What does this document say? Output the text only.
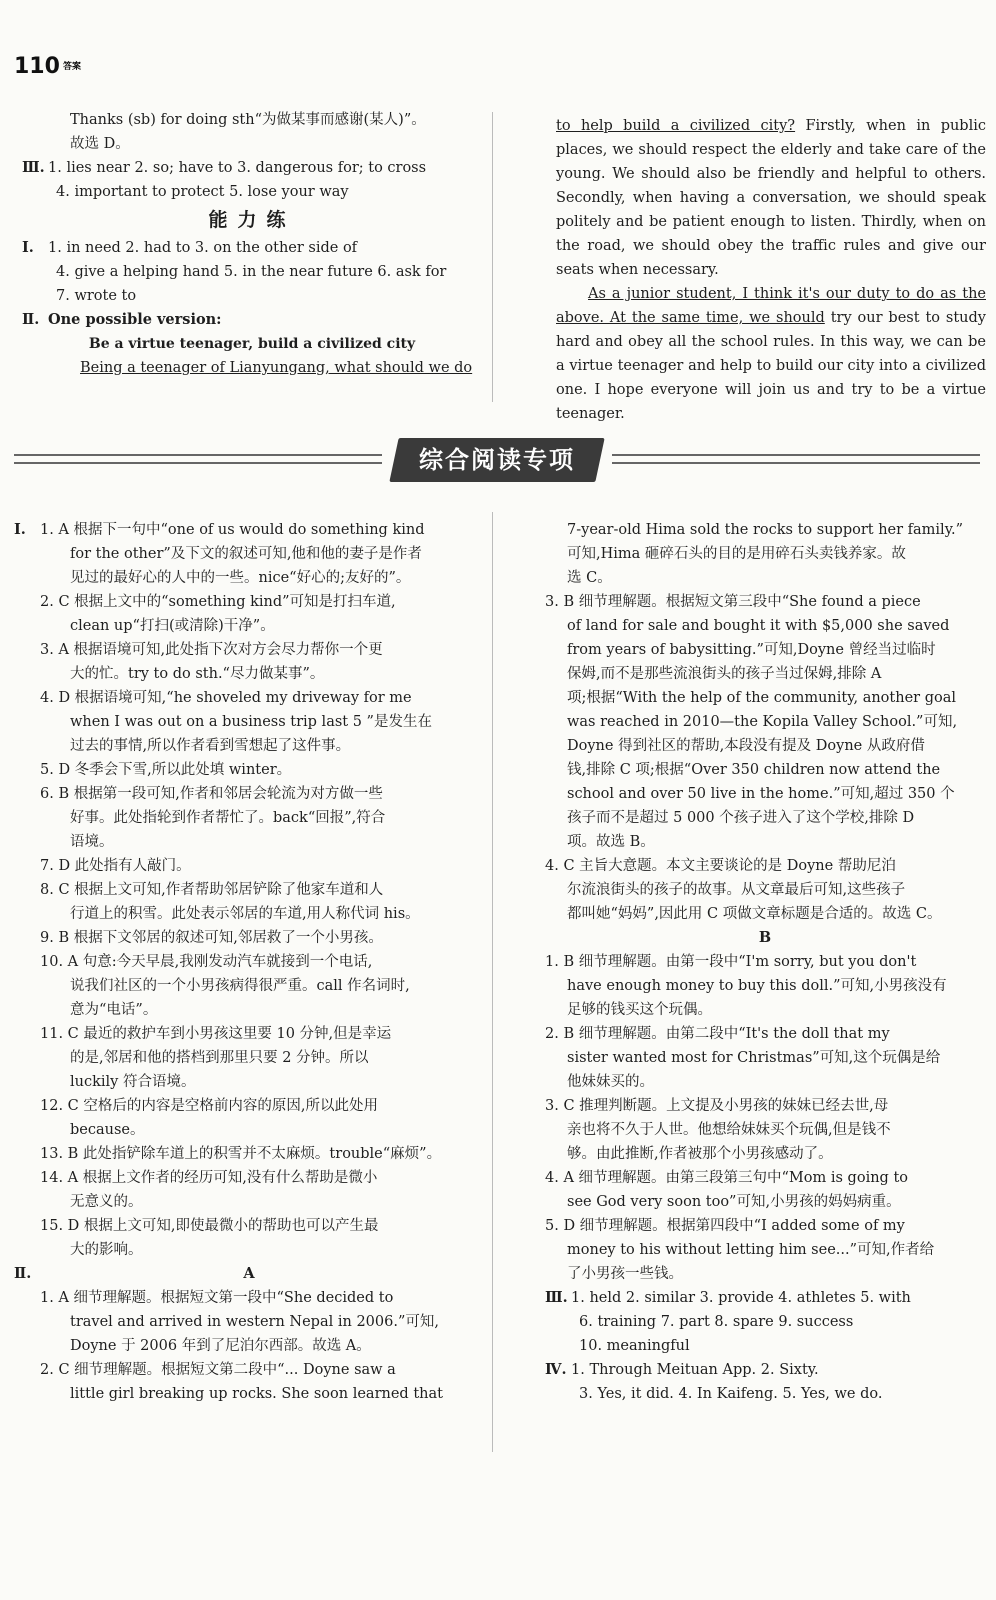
110 $^{答案}$
Thanks (sb) for doing sth“为做某事而感谢(某人)”。
故选 D。
Ⅲ. 1. lies near 2. so; have to 3. dangerous for; to cross
4. important to protect 5. lose your way
能力练
Ⅰ. 1. in need 2. had to 3. on the other side of
4. give a helping hand 5. in the near future 6. ask for
7. wrote to
Ⅱ. One possible version:
Be a virtue teenager, build a civilized city
Being a teenager of Lianyungang, what should we do

to help build a civilized city? Firstly, when in public places, we should respect the elderly and take care of the young. We should also be friendly and helpful to others. Secondly, when having a conversation, we should speak politely and be patient enough to listen. Thirdly, when on the road, we should obey the traffic rules and give our seats when necessary.

As a junior student, I think it's our duty to do as the above. At the same time, we should try our best to study hard and obey all the school rules. In this way, we can be a virtue teenager and help to build our city into a civilized one. I hope everyone will join us and try to be a virtue teenager.

综合阅读专项
Ⅰ. 1. A 根据下一句中“one of us would do something kind
for the other”及下文的叙述可知,他和他的妻子是作者
见过的最好心的人中的一些。nice“好心的;友好的”。
2. C 根据上文中的“something kind”可知是打扫车道,
clean up“打扫(或清除)干净”。
3. A 根据语境可知,此处指下次对方会尽力帮你一个更
大的忙。try to do sth.“尽力做某事”。
4. D 根据语境可知,“he shoveled my driveway for me
when I was out on a business trip last 5 ”是发生在
过去的事情,所以作者看到雪想起了这件事。
5. D 冬季会下雪,所以此处填 winter。
6. B 根据第一段可知,作者和邻居会轮流为对方做一些
好事。此处指轮到作者帮忙了。back“回报”,符合
语境。
7. D 此处指有人敲门。
8. C 根据上文可知,作者帮助邻居铲除了他家车道和人
行道上的积雪。此处表示邻居的车道,用人称代词 his。
9. B 根据下文邻居的叙述可知,邻居救了一个小男孩。
10. A 句意:今天早晨,我刚发动汽车就接到一个电话,
说我们社区的一个小男孩病得很严重。call 作名词时,
意为“电话”。
11. C 最近的救护车到小男孩这里要 10 分钟,但是幸运
的是,邻居和他的搭档到那里只要 2 分钟。所以
luckily 符合语境。
12. C 空格后的内容是空格前内容的原因,所以此处用
because。
13. B 此处指铲除车道上的积雪并不太麻烦。trouble“麻烦”。
14. A 根据上文作者的经历可知,没有什么帮助是微小
无意义的。
15. D 根据上文可知,即使最微小的帮助也可以产生最
大的影响。
Ⅱ.	A
1. A 细节理解题。根据短文第一段中“She decided to
travel and arrived in western Nepal in 2006.”可知,
Doyne 于 2006 年到了尼泊尔西部。故选 A。
2. C 细节理解题。根据短文第二段中“... Doyne saw a
little girl breaking up rocks. She soon learned that
7-year-old Hima sold the rocks to support her family.”
可知,Hima 砸碎石头的目的是用碎石头卖钱养家。故
选 C。
3. B 细节理解题。根据短文第三段中“She found a piece
of land for sale and bought it with $5,000 she saved
from years of babysitting.”可知,Doyne 曾经当过临时
保姆,而不是那些流浪街头的孩子当过保姆,排除 A
项;根据“With the help of the community, another goal
was reached in 2010—the Kopila Valley School.”可知,
Doyne 得到社区的帮助,本段没有提及 Doyne 从政府借
钱,排除 C 项;根据“Over 350 children now attend the
school and over 50 live in the home.”可知,超过 350 个
孩子而不是超过 5 000 个孩子进入了这个学校,排除 D
项。故选 B。
4. C 主旨大意题。本文主要谈论的是 Doyne 帮助尼泊
尔流浪街头的孩子的故事。从文章最后可知,这些孩子
都叫她“妈妈”,因此用 C 项做文章标题是合适的。故选 C。
B
1. B 细节理解题。由第一段中“I'm sorry, but you don't
have enough money to buy this doll.”可知,小男孩没有
足够的钱买这个玩偶。
2. B 细节理解题。由第二段中“It's the doll that my
sister wanted most for Christmas”可知,这个玩偶是给
他妹妹买的。
3. C 推理判断题。上文提及小男孩的妹妹已经去世,母
亲也将不久于人世。他想给妹妹买个玩偶,但是钱不
够。由此推断,作者被那个小男孩感动了。
4. A 细节理解题。由第三段第三句中“Mom is going to
see God very soon too”可知,小男孩的妈妈病重。
5. D 细节理解题。根据第四段中“I added some of my
money to his without letting him see...”可知,作者给
了小男孩一些钱。
Ⅲ. 1. held 2. similar 3. provide 4. athletes 5. with
6. training 7. part 8. spare 9. success
10. meaningful
Ⅳ. 1. Through Meituan App. 2. Sixty.
3. Yes, it did. 4. In Kaifeng. 5. Yes, we do.
